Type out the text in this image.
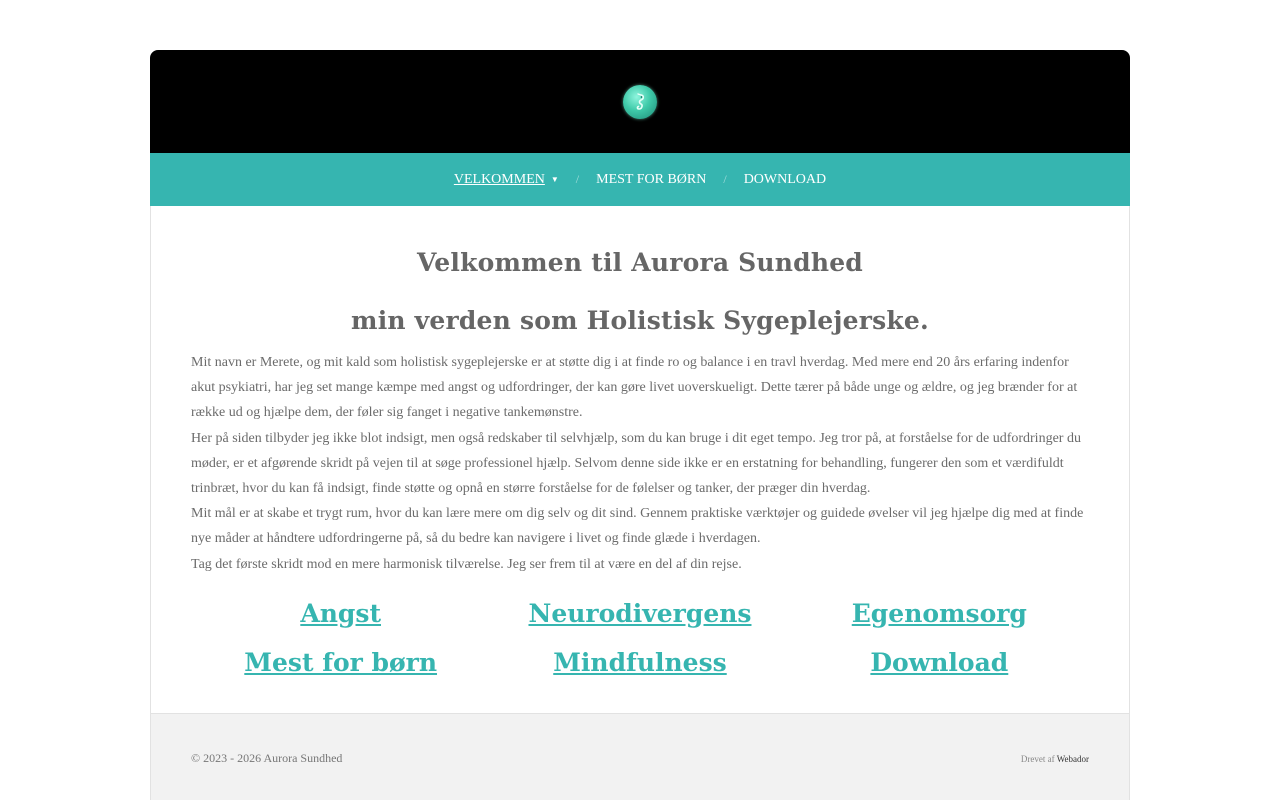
VELKOMMEN ▼ / MEST FOR BØRN / DOWNLOAD
Velkommen til Aurora Sundhed
min verden som Holistisk Sygeplejerske.

Mit navn er Merete, og mit kald som holistisk sygeplejerske er at støtte dig i at finde ro og balance i en travl hverdag. Med mere end 20 års erfaring indenfor akut psykiatri, har jeg set mange kæmpe med angst og udfordringer, der kan gøre livet uoverskueligt. Dette tærer på både unge og ældre, og jeg brænder for at række ud og hjælpe dem, der føler sig fanget i negative tankemønstre.

Her på siden tilbyder jeg ikke blot indsigt, men også redskaber til selvhjælp, som du kan bruge i dit eget tempo. Jeg tror på, at forståelse for de udfordringer du møder, er et afgørende skridt på vejen til at søge professionel hjælp. Selvom denne side ikke er en erstatning for behandling, fungerer den som et værdifuldt trinbræt, hvor du kan få indsigt, finde støtte og opnå en større forståelse for de følelser og tanker, der præger din hverdag.

Mit mål er at skabe et trygt rum, hvor du kan lære mere om dig selv og dit sind. Gennem praktiske værktøjer og guidede øvelser vil jeg hjælpe dig med at finde nye måder at håndtere udfordringerne på, så du bedre kan navigere i livet og finde glæde i hverdagen.

Tag det første skridt mod en mere harmonisk tilværelse. Jeg ser frem til at være en del af din rejse.

Angst	Neurodivergens	Egenomsorg
Mest for børn	Mindfulness	Download
© 2023 - 2026 Aurora Sundhed	Drevet af Webador
